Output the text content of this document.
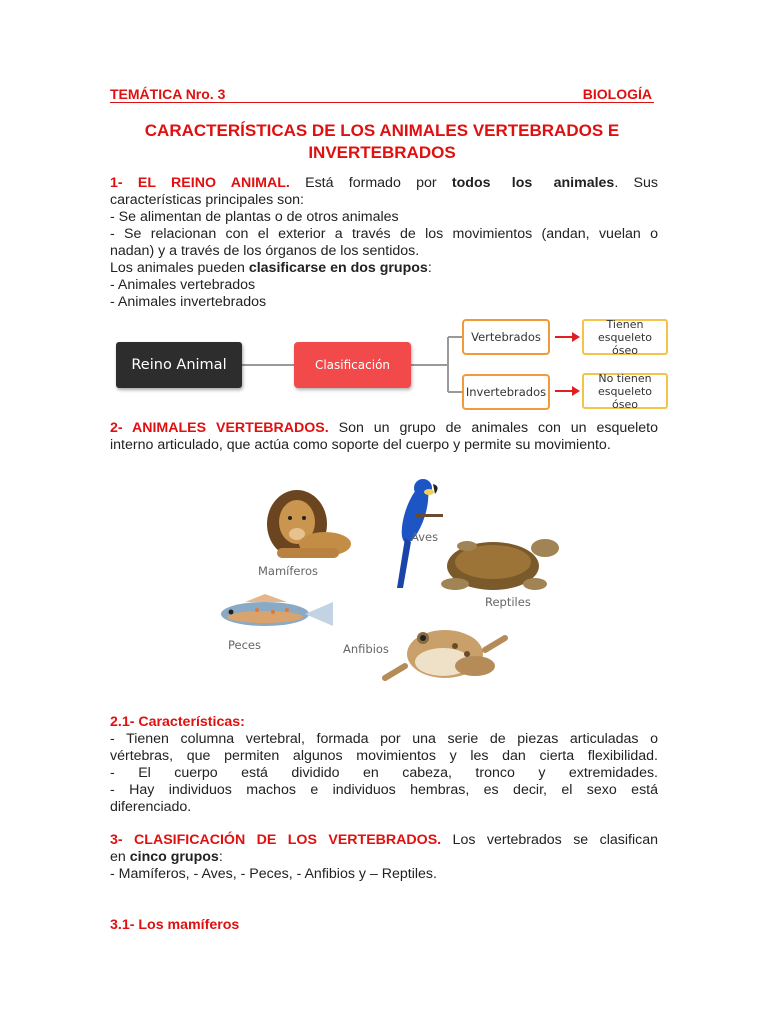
TEMÁTICA Nro. 3	BIOLOGÍA
CARACTERÍSTICAS DE LOS ANIMALES VERTEBRADOS E
INVERTEBRADOS
1- EL REINO ANIMAL. Está formado por todos los animales. Sus
características principales son:
- Se alimentan de plantas o de otros animales
- Se relacionan con el exterior a través de los movimientos (andan, vuelan o
nadan) y a través de los órganos de los sentidos.
Los animales pueden clasificarse en dos grupos:
- Animales vertebrados
- Animales invertebrados
Reino Animal	Clasificación
Vertebrados
Invertebrados
Tienen esqueleto óseo
No tienen esqueleto óseo
2- ANIMALES VERTEBRADOS. Son un grupo de animales con un esqueleto
interno articulado, que actúa como soporte del cuerpo y permite su movimiento.
Mamíferos
Aves
Reptiles
Peces	Anfibios
2.1- Características:
- Tienen columna vertebral, formada por una serie de piezas articuladas o
vértebras, que permiten algunos movimientos y les dan cierta flexibilidad.
- El cuerpo está dividido en cabeza, tronco y extremidades.
- Hay individuos machos e individuos hembras, es decir, el sexo está
diferenciado.
3- CLASIFICACIÓN DE LOS VERTEBRADOS. Los vertebrados se clasifican
en cinco grupos:
- Mamíferos, - Aves, - Peces, - Anfibios y – Reptiles.
3.1- Los mamíferos
